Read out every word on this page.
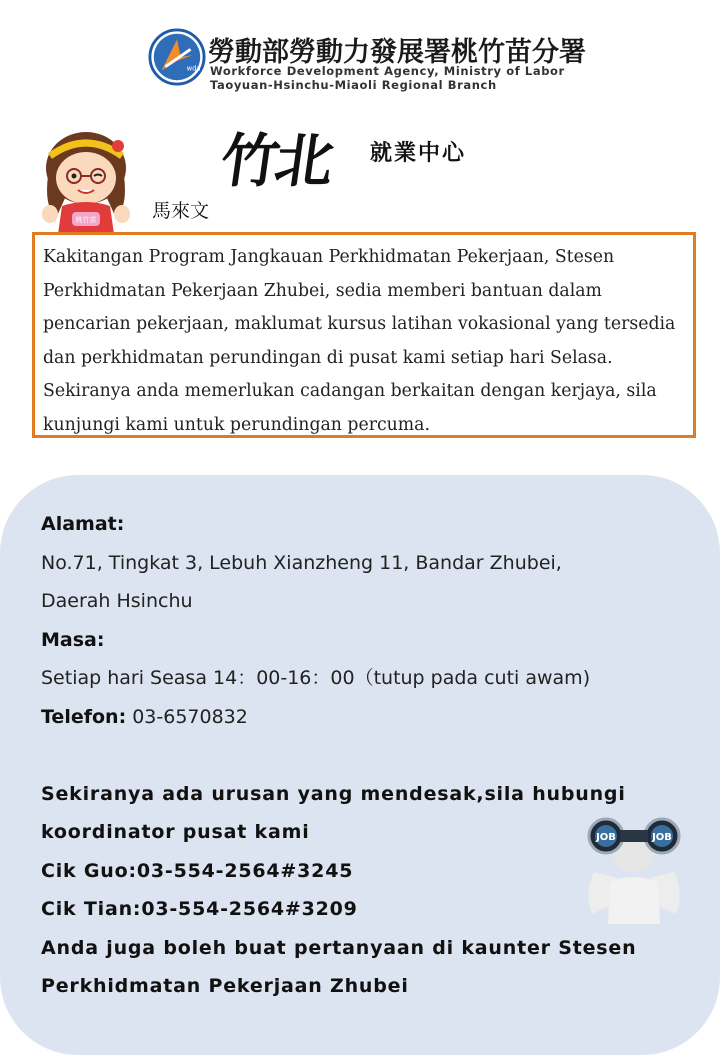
wda
勞動部勞動力發展署桃竹苗分署
Workforce Development Agency, Ministry of Labor
Taoyuan-Hsinchu-Miaoli Regional Branch
桃竹苗	馬來文
竹北 就業中心

Kakitangan Program Jangkauan Perkhidmatan Pekerjaan, Stesen Perkhidmatan Pekerjaan Zhubei, sedia memberi bantuan dalam pencarian pekerjaan, maklumat kursus latihan vokasional yang tersedia dan perkhidmatan perundingan di pusat kami setiap hari Selasa. Sekiranya anda memerlukan cadangan berkaitan dengan kerjaya, sila kunjungi kami untuk perundingan percuma.

Alamat:
No.71, Tingkat 3, Lebuh Xianzheng 11, Bandar Zhubei,
Daerah Hsinchu
Masa:
Setiap hari Seasa 14：00-16：00（tutup pada cuti awam)
Telefon: 03-6570832
Sekiranya ada urusan yang mendesak,sila hubungi
koordinator pusat kami
Cik Guo:03-554-2564#3245
Cik Tian:03-554-2564#3209
Anda juga boleh buat pertanyaan di kaunter Stesen
Perkhidmatan Pekerjaan Zhubei
JOB	JOB
